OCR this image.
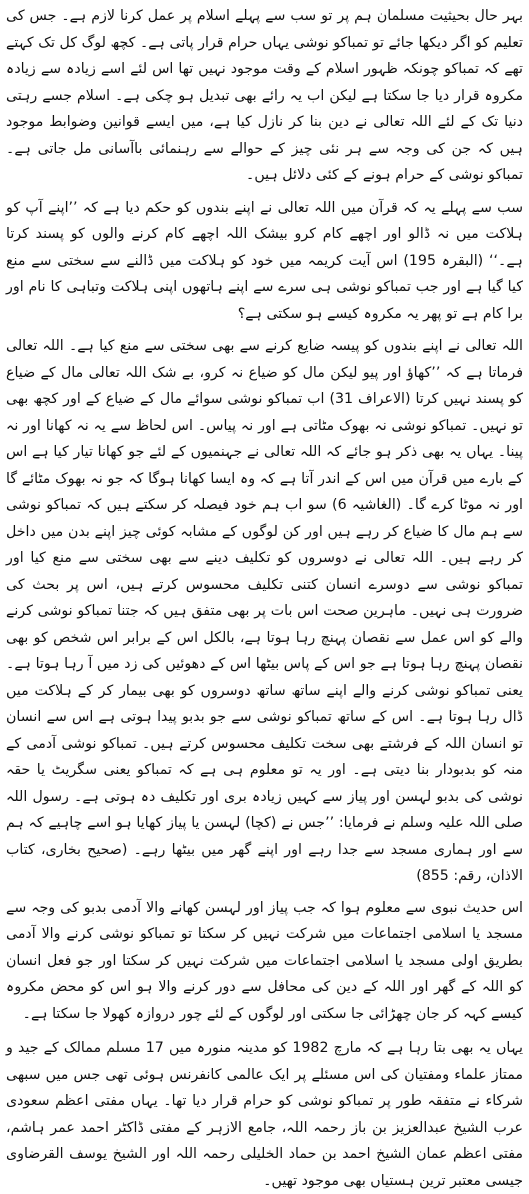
بہر حال بحیثیت مسلمان ہم پر تو سب سے پہلے اسلام پر عمل کرنا لازم ہے۔ جس کی تعلیم کو اگر دیکھا جائے تو تمباکو نوشی یہاں حرام قرار پاتی ہے۔ کچھ لوگ کل تک کہتے تھے کہ تمباکو چونکہ ظہور اسلام کے وقت موجود نہیں تھا اس لئے اسے زیادہ سے زیادہ مکروہ قرار دیا جا سکتا ہے لیکن اب یہ رائے بھی تبدیل ہو چکی ہے۔ اسلام جسے رہتی دنیا تک کے لئے اللہ تعالی نے دین بنا کر نازل کیا ہے، میں ایسے قوانین وضوابط موجود ہیں کہ جن کی وجہ سے ہر نئی چیز کے حوالے سے رہنمائی باآسانی مل جاتی ہے۔ تمباکو نوشی کے حرام ہونے کے کئی دلائل ہیں۔

سب سے پہلے یہ کہ قرآن میں اللہ تعالی نے اپنے بندوں کو حکم دیا ہے کہ ’’اپنے آپ کو ہلاکت میں نہ ڈالو اور اچھے کام کرو بیشک اللہ اچھے کام کرنے والوں کو پسند کرتا ہے۔‘‘ (البقرہ 195) اس آیت کریمہ میں خود کو ہلاکت میں ڈالنے سے سختی سے منع کیا گیا ہے اور جب تمباکو نوشی ہی سرے سے اپنے ہاتھوں اپنی ہلاکت وتباہی کا نام اور برا کام ہے تو پھر یہ مکروہ کیسے ہو سکتی ہے؟

اللہ تعالی نے اپنے بندوں کو پیسہ ضایع کرنے سے بھی سختی سے منع کیا ہے۔ اللہ تعالی فرماتا ہے کہ ’’کھاؤ اور پیو لیکن مال کو ضیاع نہ کرو، بے شک اللہ تعالی مال کے ضیاع کو پسند نہیں کرتا (الاعراف 31) اب تمباکو نوشی سوائے مال کے ضیاع کے اور کچھ بھی تو نہیں۔ تمباکو نوشی نہ بھوک مٹاتی ہے اور نہ پیاس۔ اس لحاظ سے یہ نہ کھانا اور نہ پینا۔ یہاں یہ بھی ذکر ہو جائے کہ اللہ تعالی نے جہنمیوں کے لئے جو کھانا تیار کیا ہے اس کے بارے میں قرآن میں اس کے اندر آتا ہے کہ وہ ایسا کھانا ہوگا کہ جو نہ بھوک مٹائے گا اور نہ موٹا کرے گا۔ (الغاشیہ 6) سو اب ہم خود فیصلہ کر سکتے ہیں کہ تمباکو نوشی سے ہم مال کا ضیاع کر رہے ہیں اور کن لوگوں کے مشابہ کوئی چیز اپنے بدن میں داخل کر رہے ہیں۔ اللہ تعالی نے دوسروں کو تکلیف دینے سے بھی سختی سے منع کیا اور تمباکو نوشی سے دوسرے انسان کتنی تکلیف محسوس کرتے ہیں، اس پر بحث کی ضرورت ہی نہیں۔ ماہرین صحت اس بات پر بھی متفق ہیں کہ جتنا تمباکو نوشی کرنے والے کو اس عمل سے نقصان پہنچ رہا ہوتا ہے، بالکل اس کے برابر اس شخص کو بھی نقصان پہنچ رہا ہوتا ہے جو اس کے پاس بیٹھا اس کے دھوئیں کی زد میں آ رہا ہوتا ہے۔ یعنی تمباکو نوشی کرنے والے اپنے ساتھ ساتھ دوسروں کو بھی بیمار کر کے ہلاکت میں ڈال رہا ہوتا ہے۔ اس کے ساتھ تمباکو نوشی سے جو بدبو پیدا ہوتی ہے اس سے انسان تو انسان اللہ کے فرشتے بھی سخت تکلیف محسوس کرتے ہیں۔ تمباکو نوشی آدمی کے منہ کو بدبودار بنا دیتی ہے۔ اور یہ تو معلوم ہی ہے کہ تمباکو یعنی سگریٹ یا حقہ نوشی کی بدبو لہسن اور پیاز سے کہیں زیادہ بری اور تکلیف دہ ہوتی ہے۔ رسول اللہ صلی اللہ علیہ وسلم نے فرمایا: ’’جس نے (کچا) لہسن یا پیاز کھایا ہو اسے چاہیے کہ ہم سے اور ہماری مسجد سے جدا رہے اور اپنے گھر میں بیٹھا رہے۔ (صحیح بخاری، کتاب الاذان، رقم: 855)

اس حدیث نبوی سے معلوم ہوا کہ جب پیاز اور لہسن کھانے والا آدمی بدبو کی وجہ سے مسجد یا اسلامی اجتماعات میں شرکت نہیں کر سکتا تو تمباکو نوشی کرنے والا آدمی بطریق اولی مسجد یا اسلامی اجتماعات میں شرکت نہیں کر سکتا اور جو فعل انسان کو اللہ کے گھر اور اللہ کے دین کی محافل سے دور کرنے والا ہو اس کو محض مکروہ کیسے کہہ کر جان چھڑائی جا سکتی اور لوگوں کے لئے چور دروازہ کھولا جا سکتا ہے۔

یہاں یہ بھی بتا رہا ہے کہ مارچ 1982 کو مدینہ منورہ میں 17 مسلم ممالک کے جید و ممتاز علماء ومفتیان کی اس مسئلے پر ایک عالمی کانفرنس ہوئی تھی جس میں سبھی شرکاء نے متفقہ طور پر تمباکو نوشی کو حرام قرار دیا تھا۔ یہاں مفتی اعظم سعودی عرب الشیخ عبدالعزیز بن باز رحمہ اللہ، جامع الازہر کے مفتی ڈاکٹر احمد عمر ہاشم، مفتی اعظم عمان الشیخ احمد بن حماد الخلیلی رحمہ اللہ اور الشیخ یوسف القرضاوی جیسی معتبر ترین ہستیاں بھی موجود تھیں۔
